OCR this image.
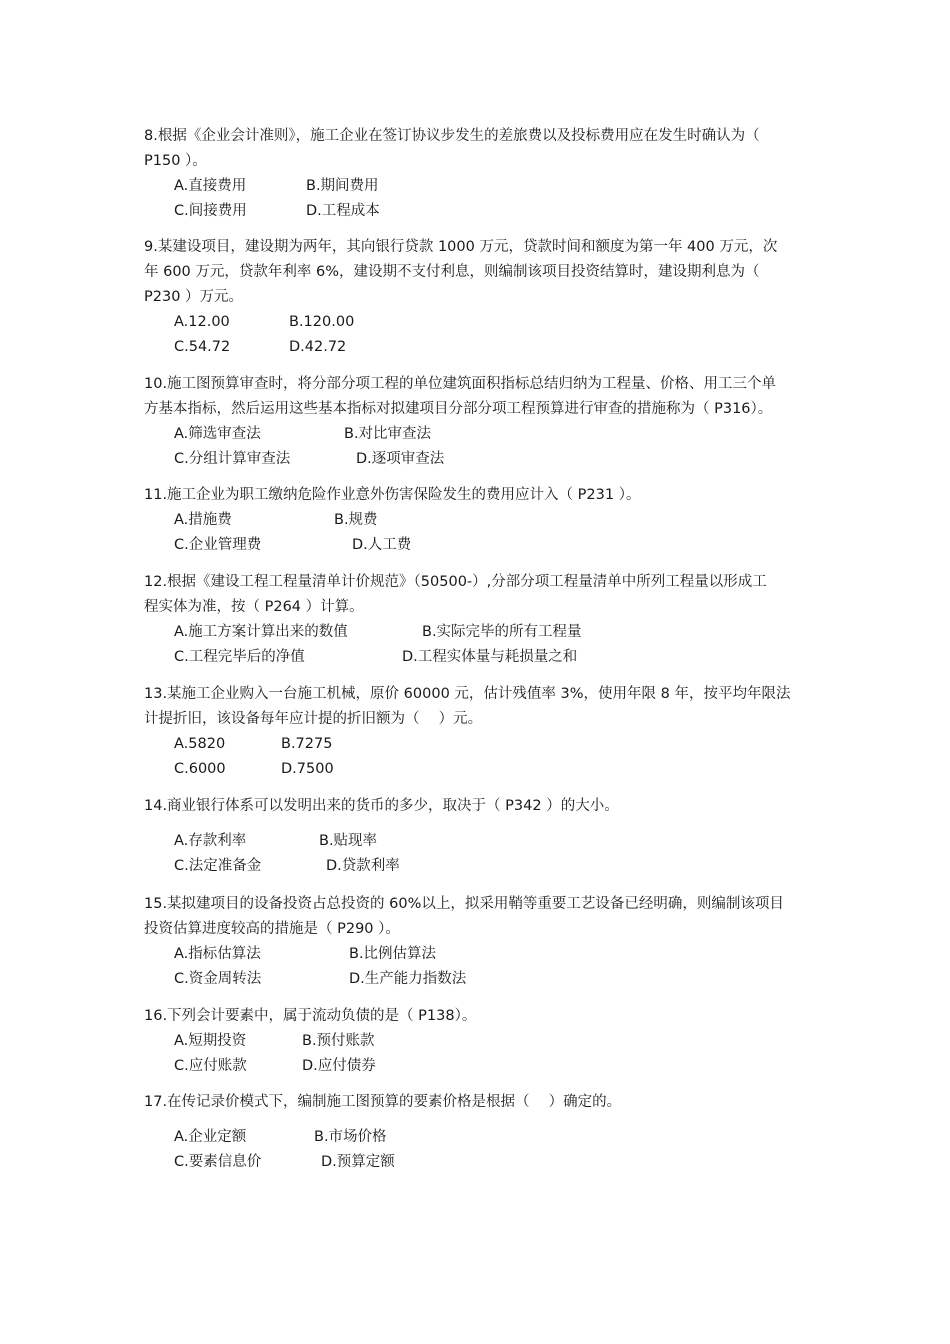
8.根据《企业会计准则》，施工企业在签订协议步发生的差旅费以及投标费用应在发生时确认为（
P150 ）。

A.直接费用	B.期间费用
C.间接费用	D.工程成本

9.某建设项目，建设期为两年，其向银行贷款 1000 万元，贷款时间和额度为第一年 400 万元，次
年 600 万元，贷款年利率 6%，建设期不支付利息，则编制该项目投资结算时，建设期利息为（
P230 ）万元。

A.12.00	B.120.00
C.54.72	D.42.72

10.施工图预算审查时，将分部分项工程的单位建筑面积指标总结归纳为工程量、价格、用工三个单
方基本指标，然后运用这些基本指标对拟建项目分部分项工程预算进行审查的措施称为（ P316）。

A.筛选审查法	B.对比审查法
C.分组计算审查法	D.逐项审查法

11.施工企业为职工缴纳危险作业意外伤害保险发生的费用应计入（ P231 ）。

A.措施费	B.规费
C.企业管理费	D.人工费

12.根据《建设工程工程量清单计价规范》（50500-）,分部分项工程量清单中所列工程量以形成工
程实体为准，按（ P264 ）计算。

A.施工方案计算出来的数值	B.实际完毕的所有工程量
C.工程完毕后的净值	D.工程实体量与耗损量之和

13.某施工企业购入一台施工机械，原价 60000 元，估计残值率 3%，使用年限 8 年，按平均年限法
计提折旧，该设备每年应计提的折旧额为（　 ）元。

A.5820	B.7275
C.6000	D.7500

14.商业银行体系可以发明出来的货币的多少，取决于（ P342 ）的大小。

A.存款利率	B.贴现率
C.法定准备金	D.贷款利率

15.某拟建项目的设备投资占总投资的 60%以上，拟采用鞘等重要工艺设备已经明确，则编制该项目
投资估算进度较高的措施是（ P290 ）。

A.指标估算法	B.比例估算法
C.资金周转法	D.生产能力指数法

16.下列会计要素中，属于流动负债的是（ P138）。

A.短期投资	B.预付账款
C.应付账款	D.应付债券

17.在传记录价模式下，编制施工图预算的要素价格是根据（　 ）确定的。

A.企业定额	B.市场价格
C.要素信息价	D.预算定额
